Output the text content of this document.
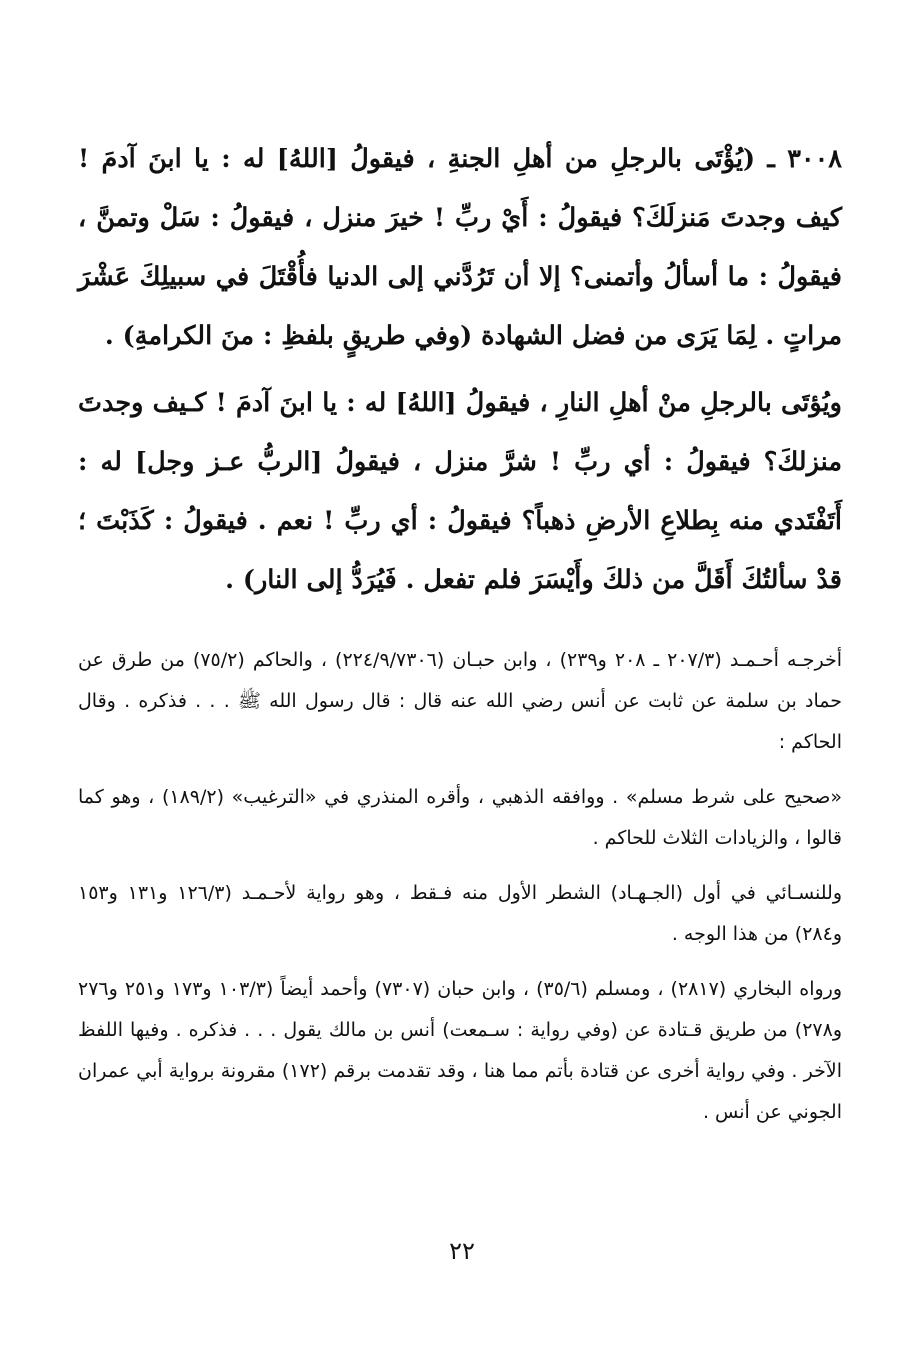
٣٠٠٨ ـ (يُؤْتَى بالرجلِ من أهلِ الجنةِ ، فيقولُ [اللهُ] له : يا ابنَ آدمَ ! كيف وجدتَ مَنزلَكَ؟ فيقولُ : أَيْ ربِّ ! خيرَ منزل ، فيقولُ : سَلْ وتمنَّ ، فيقولُ : ما أسألُ وأتمنى؟ إلا أن تَرُدَّني إلى الدنيا فأُقْتَلَ في سبيلِكَ عَشْرَ مراتٍ . لِمَا يَرَى من فضل الشهادة (وفي طريقٍ بلفظِ : منَ الكرامةِ) .

ويُؤتَى بالرجلِ منْ أهلِ النارِ ، فيقولُ [اللهُ] له : يا ابنَ آدمَ ! كـيف وجدتَ منزلكَ؟ فيقولُ : أي ربِّ ! شرَّ منزل ، فيقولُ [الربُّ عـز وجل] له : أَتَفْتَدي منه بِطلاعِ الأرضِ ذهباً؟ فيقولُ : أي ربِّ ! نعم . فيقولُ : كَذَبْتَ ؛ قدْ سألتُكَ أَقَلَّ من ذلكَ وأَيْسَرَ فلم تفعل . فَيُرَدُّ إلى النار) .

أخرجـه أحـمـد (٢٠٧/٣ ـ ٢٠٨ و٢٣٩) ، وابن حبـان (٢٢٤/٩/٧٣٠٦) ، والحاكم (٧٥/٢) من طرق عن حماد بن سلمة عن ثابت عن أنس رضي الله عنه قال : قال رسول الله ﷺ . . . فذكره . وقال الحاكم :

«صحيح على شرط مسلم» . ووافقه الذهبي ، وأقره المنذري في «الترغيب» (١٨٩/٢) ، وهو كما قالوا ، والزيادات الثلاث للحاكم .

وللنسـائي في أول (الجـهـاد) الشطر الأول منه فـقط ، وهو رواية لأحـمـد (١٢٦/٣ و١٣١ و١٥٣ و٢٨٤) من هذا الوجه .

ورواه البخاري (٢٨١٧) ، ومسلم (٣٥/٦) ، وابن حبان (٧٣٠٧) وأحمد أيضاً (١٠٣/٣ و١٧٣ و٢٥١ و٢٧٦ و٢٧٨) من طريق قـتادة عن (وفي رواية : سـمعت) أنس بن مالك يقول . . . فذكره . وفيها اللفظ الآخر . وفي رواية أخرى عن قتادة بأتم مما هنا ، وقد تقدمت برقم (١٧٢) مقرونة برواية أبي عمران الجوني عن أنس .

٢٢
